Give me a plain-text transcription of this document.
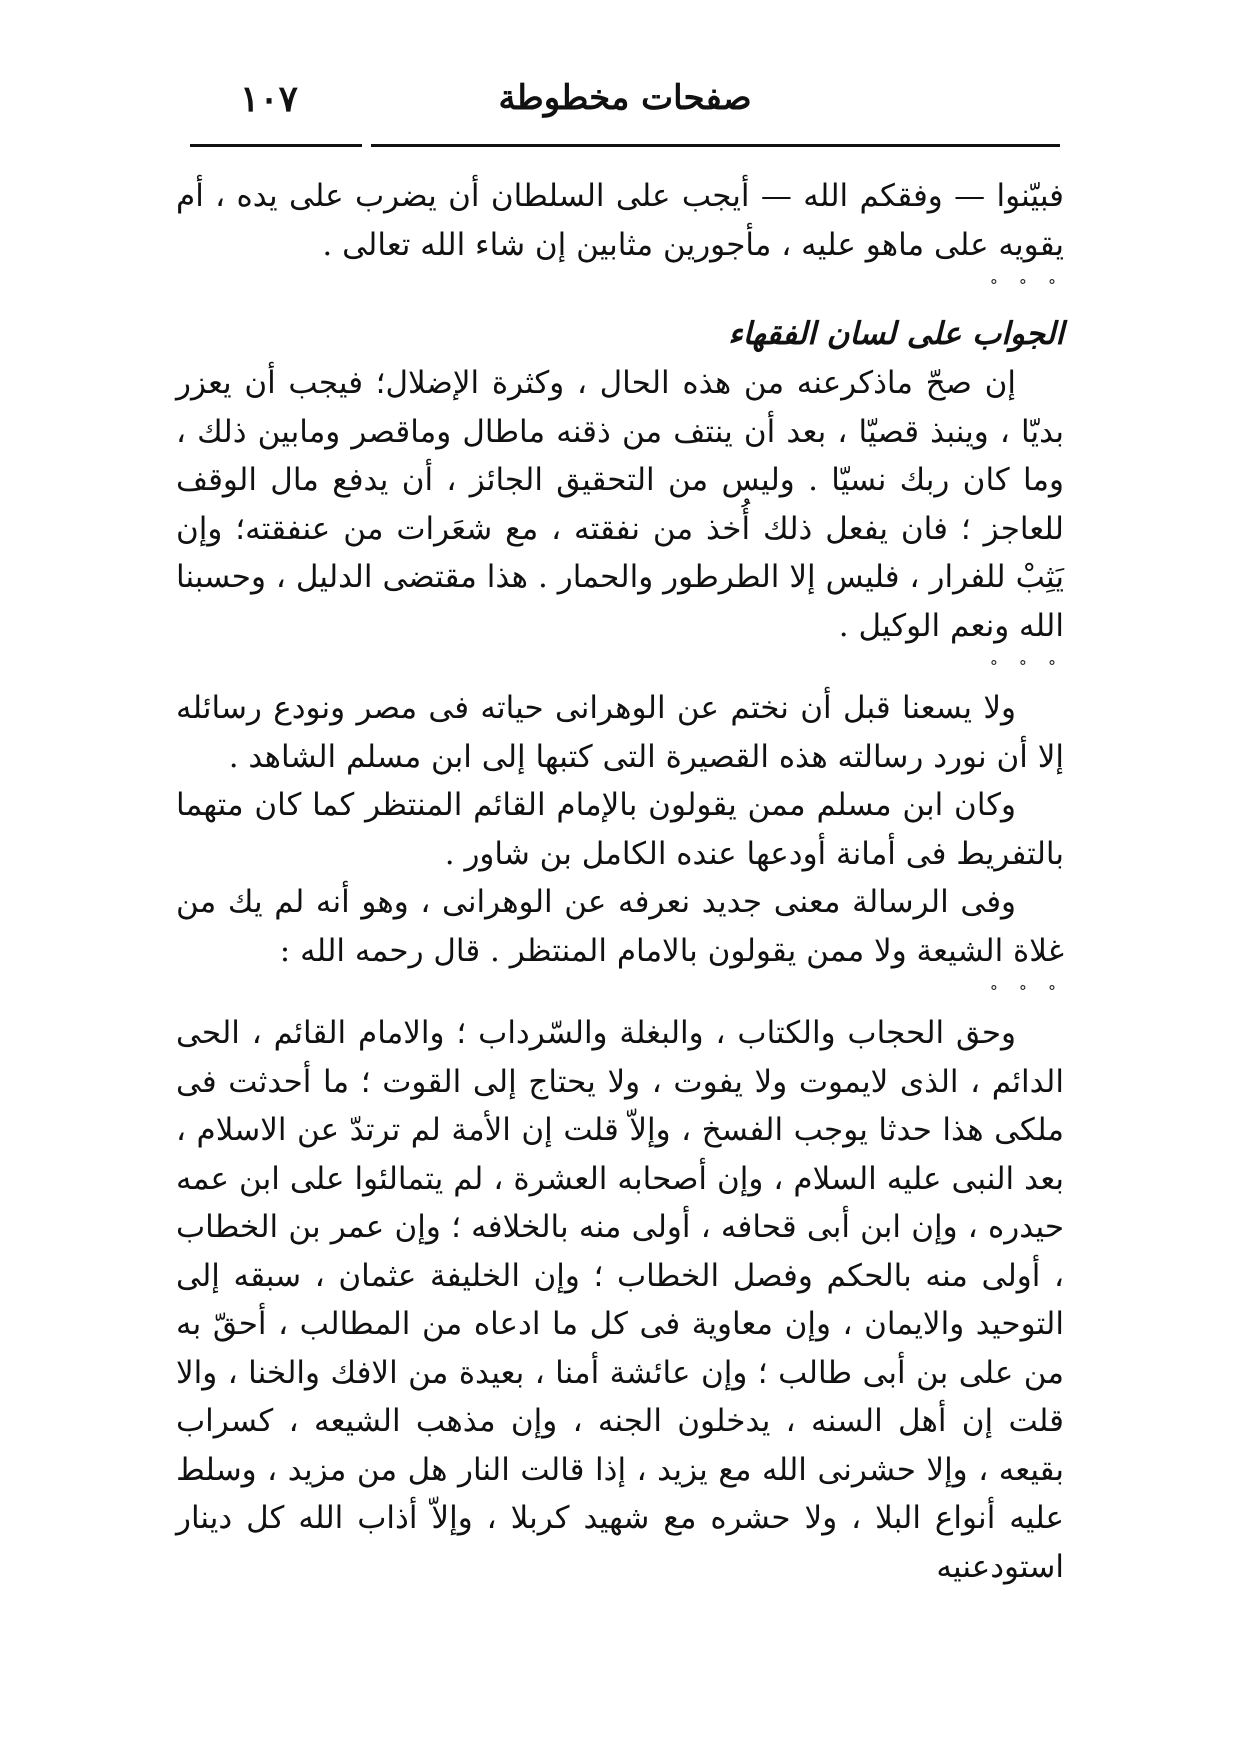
١٠٧	صفحات مخطوطة

فبيّنوا — وفقكم الله — أيجب على السلطان أن يضرب على يده ، أم يقويه على ماهو عليه ، مأجورين مثابين إن شاء الله تعالى .

° ° °
الجواب على لسان الفقهاء

إن صحّ ماذكرعنه من هذه الحال ، وكثرة الإضلال؛ فيجب أن يعزر بديّا ، وينبذ قصيّا ، بعد أن ينتف من ذقنه ماطال وماقصر ومابين ذلك ، وما كان ربك نسيّا . وليس من التحقيق الجائز ، أن يدفع مال الوقف للعاجز ؛ فان يفعل ذلك أُخذ من نفقته ، مع شعَرات من عنفقته؛ وإن يَثِبْ للفرار ، فليس إلا الطرطور والحمار . هذا مقتضى الدليل ، وحسبنا الله ونعم الوكيل .

° ° °

ولا يسعنا قبل أن نختم عن الوهرانى حياته فى مصر ونودع رسائله إلا أن نورد رسالته هذه القصيرة التى كتبها إلى ابن مسلم الشاهد .

وكان ابن مسلم ممن يقولون بالإمام القائم المنتظر كما كان متهما بالتفريط فى أمانة أودعها عنده الكامل بن شاور .

وفى الرسالة معنى جديد نعرفه عن الوهرانى ، وهو أنه لم يك من غلاة الشيعة ولا ممن يقولون بالامام المنتظر . قال رحمه الله :

° ° °

وحق الحجاب والكتاب ، والبغلة والسّرداب ؛ والامام القائم ، الحى الدائم ، الذى لايموت ولا يفوت ، ولا يحتاج إلى القوت ؛ ما أحدثت فى ملكى هذا حدثا يوجب الفسخ ، وإلاّ قلت إن الأمة لم ترتدّ عن الاسلام ، بعد النبى عليه السلام ، وإن أصحابه العشرة ، لم يتمالئوا على ابن عمه حيدره ، وإن ابن أبى قحافه ، أولى منه بالخلافه ؛ وإن عمر بن الخطاب ، أولى منه بالحكم وفصل الخطاب ؛ وإن الخليفة عثمان ، سبقه إلى التوحيد والايمان ، وإن معاوية فى كل ما ادعاه من المطالب ، أحقّ به من على بن أبى طالب ؛ وإن عائشة أمنا ، بعيدة من الافك والخنا ، والا قلت إن أهل السنه ، يدخلون الجنه ، وإن مذهب الشيعه ، كسراب بقيعه ، وإلا حشرنى الله مع يزيد ، إذا قالت النار هل من مزيد ، وسلط عليه أنواع البلا ، ولا حشره مع شهيد كربلا ، وإلاّ أذاب الله كل دينار استودعنيه
